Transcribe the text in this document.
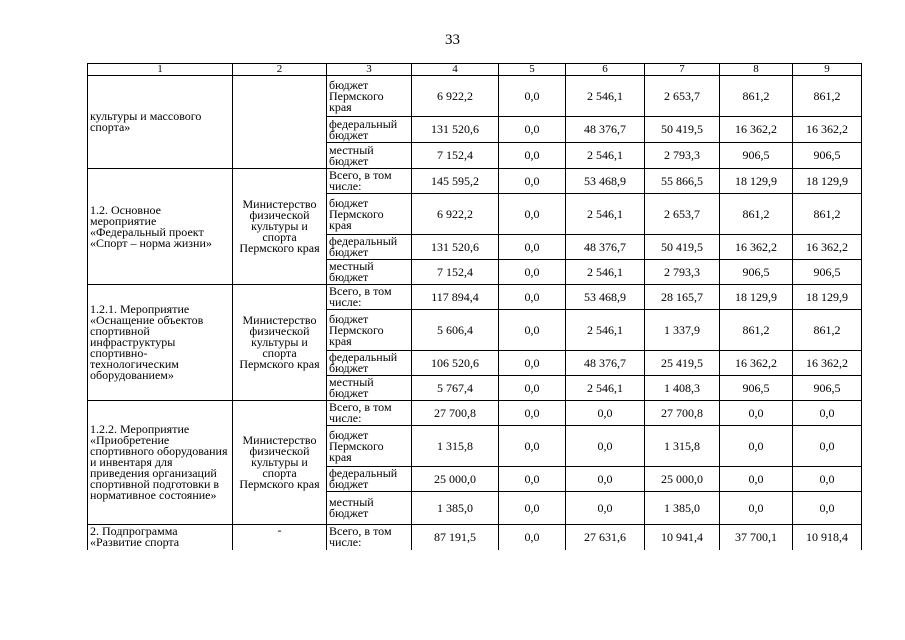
33
1	2	3	4	5	6	7	8	9
культуры и массового спорта»		бюджет Пермского края	6 922,2	0,0	2 546,1	2 653,7	861,2	861,2
		федеральный бюджет	131 520,6	0,0	48 376,7	50 419,5	16 362,2	16 362,2
		местный бюджет	7 152,4	0,0	2 546,1	2 793,3	906,5	906,5
1.2. Основное мероприятие «Федеральный проект «Спорт – норма жизни»	Министерство физической культуры и спорта Пермского края	Всего, в том числе:	145 595,2	0,0	53 468,9	55 866,5	18 129,9	18 129,9
		бюджет Пермского края	6 922,2	0,0	2 546,1	2 653,7	861,2	861,2
		федеральный бюджет	131 520,6	0,0	48 376,7	50 419,5	16 362,2	16 362,2
		местный бюджет	7 152,4	0,0	2 546,1	2 793,3	906,5	906,5
1.2.1. Мероприятие «Оснащение объектов спортивной инфраструктуры спортивно-технологическим оборудованием»	Министерство физической культуры и спорта Пермского края	Всего, в том числе:	117 894,4	0,0	53 468,9	28 165,7	18 129,9	18 129,9
		бюджет Пермского края	5 606,4	0,0	2 546,1	1 337,9	861,2	861,2
		федеральный бюджет	106 520,6	0,0	48 376,7	25 419,5	16 362,2	16 362,2
		местный бюджет	5 767,4	0,0	2 546,1	1 408,3	906,5	906,5
1.2.2. Мероприятие «Приобретение спортивного оборудования и инвентаря для приведения организаций спортивной подготовки в нормативное состояние»	Министерство физической культуры и спорта Пермского края	Всего, в том числе:	27 700,8	0,0	0,0	27 700,8	0,0	0,0
		бюджет Пермского края	1 315,8	0,0	0,0	1 315,8	0,0	0,0
		федеральный бюджет	25 000,0	0,0	0,0	25 000,0	0,0	0,0
		местный бюджет	1 385,0	0,0	0,0	1 385,0	0,0	0,0
2. Подпрограмма «Развитие спорта	-	Всего, в том числе:	87 191,5	0,0	27 631,6	10 941,4	37 700,1	10 918,4
